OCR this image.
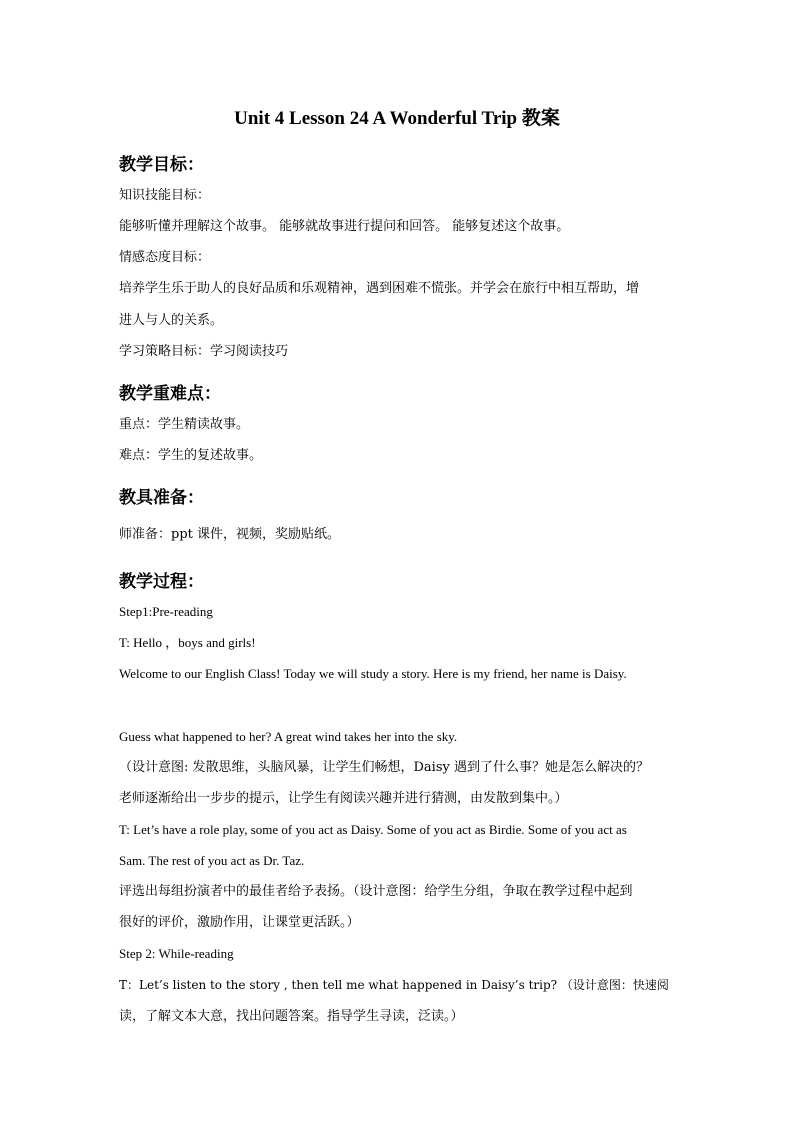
Unit 4 Lesson 24 A Wonderful Trip 教案
教学目标：
知识技能目标：
能够听懂并理解这个故事。 能够就故事进行提问和回答。 能够复述这个故事。
情感态度目标：
培养学生乐于助人的良好品质和乐观精神，遇到困难不慌张。并学会在旅行中相互帮助，增
进人与人的关系。
学习策略目标：学习阅读技巧
教学重难点：
重点：学生精读故事。
难点：学生的复述故事。
教具准备：
师准备：ppt 课件，视频，奖励贴纸。
教学过程：
Step1:Pre-reading
T: Hello ，boys and girls!
Welcome to our English Class! Today we will study a story. Here is my friend, her name is Daisy.
Guess what happened to her? A great wind takes her into the sky.
（设计意图: 发散思维，头脑风暴，让学生们畅想，Daisy 遇到了什么事？她是怎么解决的？
老师逐渐给出一步步的提示，让学生有阅读兴趣并进行猜测，由发散到集中。）
T: Let’s have a role play, some of you act as Daisy. Some of you act as Birdie. Some of you act as
Sam. The rest of you act as Dr. Taz.
评选出每组扮演者中的最佳者给予表扬。（设计意图：给学生分组，争取在教学过程中起到
很好的评价，激励作用，让课堂更活跃。）
Step 2: While-reading
T：Let’s listen to the story , then tell me what happened in Daisy’s trip? （设计意图：快速阅
读，了解文本大意，找出问题答案。指导学生寻读，泛读。）
